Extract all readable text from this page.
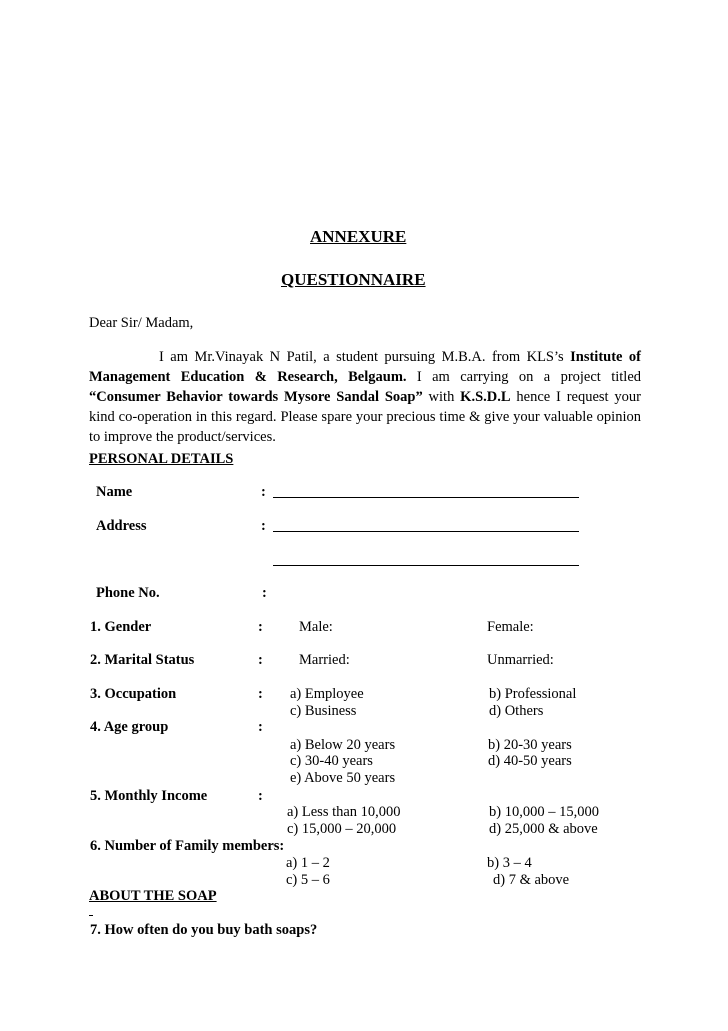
ANNEXURE
QUESTIONNAIRE
Dear Sir/ Madam,
I am Mr.Vinayak N Patil, a student pursuing M.B.A. from KLS’s Institute of Management Education & Research, Belgaum. I am carrying on a project titled “Consumer Behavior towards Mysore Sandal Soap” with K.S.D.L hence I request your kind co-operation in this regard. Please spare your precious time & give your valuable opinion to improve the product/services.
PERSONAL DETAILS
Name	:
Address	:
Phone No.	:
1. Gender	: Male:	Female:
2. Marital Status	: Married:	Unmarried:
3. Occupation	: a) Employee	b) Professional
c) Business	d) Others
4. Age group	:
a) Below 20 years	b) 20-30 years
c) 30-40 years	d) 40-50 years
e) Above 50 years
5. Monthly Income	:
a) Less than 10,000	b) 10,000 – 15,000
c) 15,000 – 20,000	d) 25,000 & above
6. Number of Family members:
a) 1 – 2	b) 3 – 4
c) 5 – 6	d) 7 & above
ABOUT THE SOAP
7. How often do you buy bath soaps?
